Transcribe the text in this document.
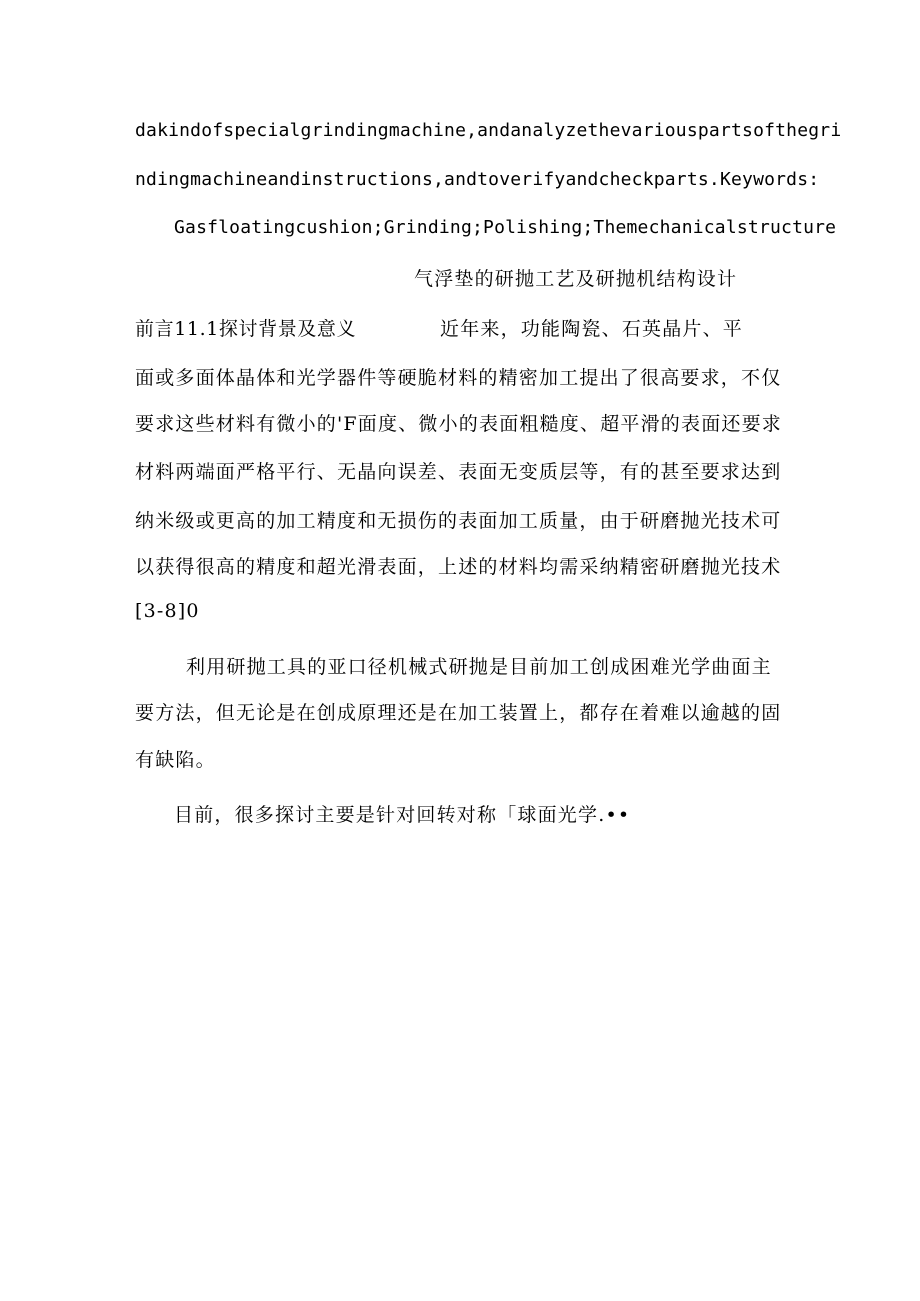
dakindofspecialgrindingmachine,andanalyzethevariouspartsofthegri
ndingmachineandinstructions,andtoverifyandcheckparts.Keywords:
Gasfloatingcushion;Grinding;Polishing;Themechanicalstructure
气浮垫的研抛工艺及研抛机结构设计
前言11.1探讨背景及意义	近年来，功能陶瓷、石英晶片、平
面或多面体晶体和光学器件等硬脆材料的精密加工提出了很高要求，不仅
要求这些材料有微小的'F面度、微小的表面粗糙度、超平滑的表面还要求
材料两端面严格平行、无晶向误差、表面无变质层等，有的甚至要求达到
纳米级或更高的加工精度和无损伤的表面加工质量，由于研磨抛光技术可
以获得很高的精度和超光滑表面，上述的材料均需采纳精密研磨抛光技术
[3-8]0
利用研抛工具的亚口径机械式研抛是目前加工创成困难光学曲面主
要方法，但无论是在创成原理还是在加工装置上，都存在着难以逾越的固
有缺陷。
目前，很多探讨主要是针对回转对称「球面光学.••
